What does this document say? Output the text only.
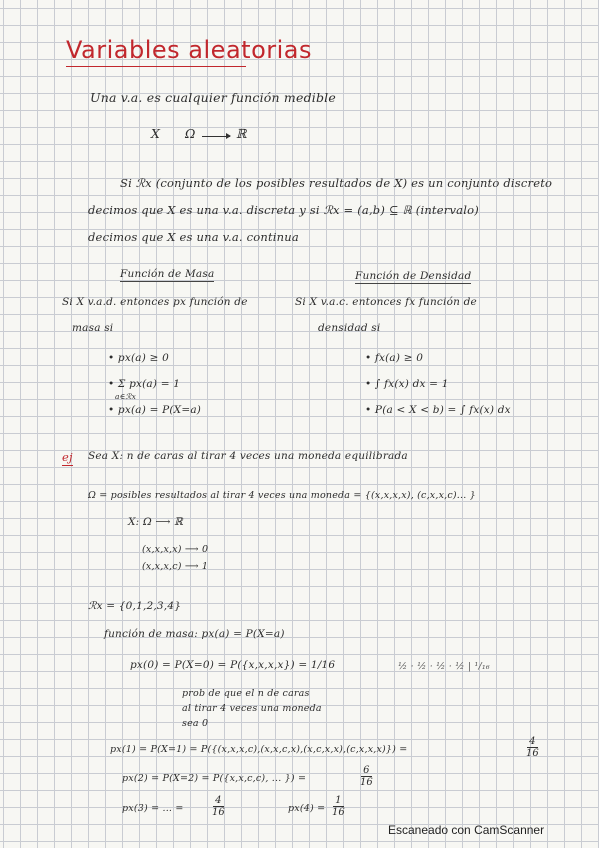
Variables aleatorias
Una v.a. es cualquier función medible
X Ω	ℝ
Si ℛx (conjunto de los posibles resultados de X) es un conjunto discreto
decimos que X es una v.a. discreta y si ℛx = (a,b) ⊆ ℝ (intervalo)
decimos que X es una v.a. continua
Función de Masa	Función de Densidad
Si X v.a.d. entonces px función de
masa si
• px(a) ≥ 0
• Σ px(a) = 1
a∈ℛx
• px(a) = P(X=a)
Si X v.a.c. entonces fx función de
densidad si
• fx(a) ≥ 0
• ∫ fx(x) dx = 1
• P(a < X < b) = ∫ fx(x) dx
ej Sea X: n de caras al tirar 4 veces una moneda equilibrada
Ω = posibles resultados al tirar 4 veces una moneda = {(x,x,x,x), (c,x,x,c)... }
X: Ω ⟶ ℝ
(x,x,x,x) ⟶ 0
(x,x,x,c) ⟶ 1
ℛx = {0,1,2,3,4}
función de masa: px(a) = P(X=a)
px(0) = P(X=0) = P({x,x,x,x}) = 1/16	½ · ½ · ½ · ½ | ¹/₁₆
prob de que el n de caras
al tirar 4 veces una moneda
sea 0
px(1) = P(X=1) = P({(x,x,x,c),(x,x,c,x),(x,c,x,x),(c,x,x,x)}) =	$\frac{4}{16}$
px(2) = P(X=2) = P({x,x,c,c), ... }) =	$\frac{6}{16}$
px(3) = ... =	$\frac{4}{16}$	$px(4) = \frac{1}{16}$
Escaneado con CamScanner
